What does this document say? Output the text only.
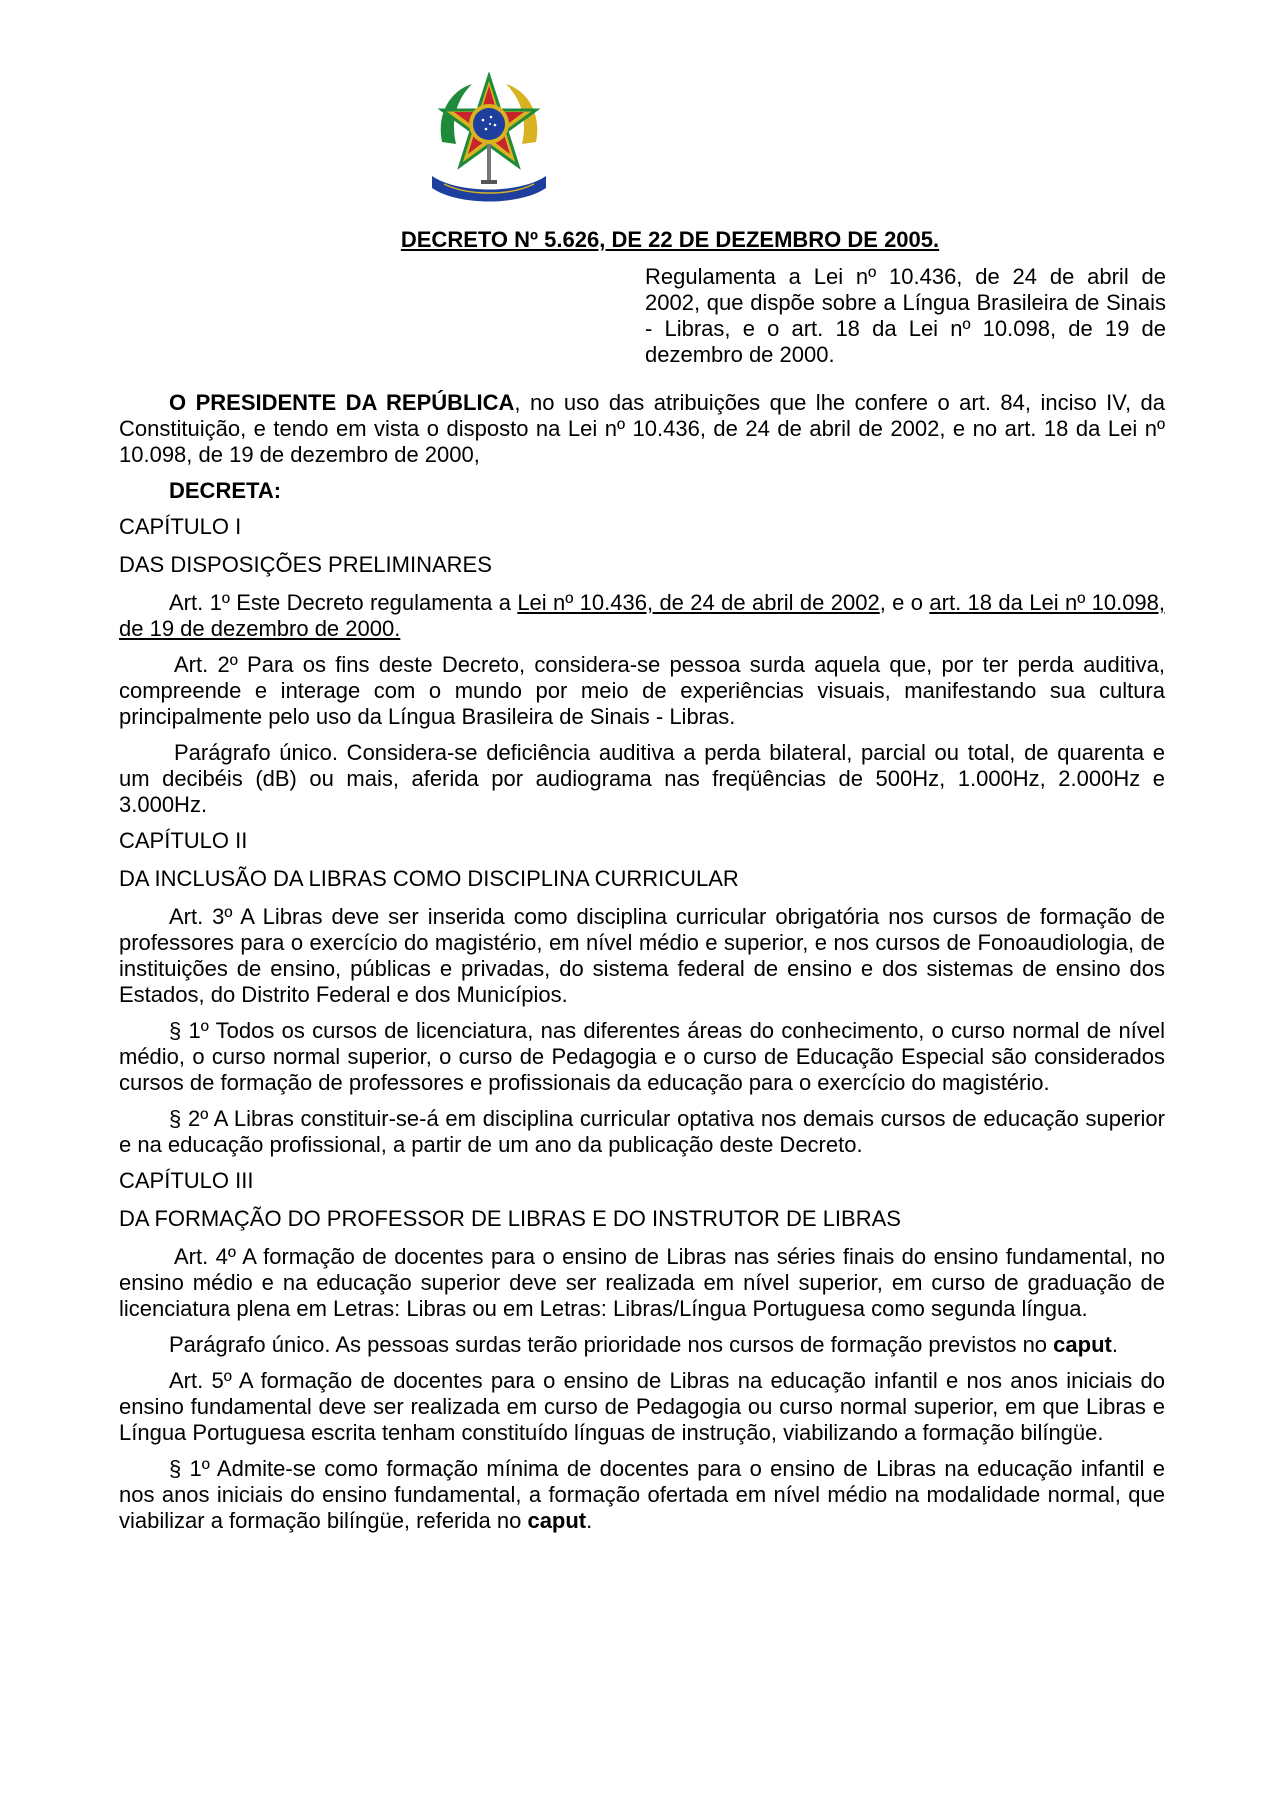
DECRETO Nº 5.626, DE 22 DE DEZEMBRO DE 2005.
Regulamenta a Lei nº 10.436, de 24 de abril de 2002, que dispõe sobre a Língua Brasileira de Sinais - Libras, e o art. 18 da Lei nº 10.098, de 19 de dezembro de 2000.

O PRESIDENTE DA REPÚBLICA, no uso das atribuições que lhe confere o art. 84, inciso IV, da Constituição, e tendo em vista o disposto na Lei nº 10.436, de 24 de abril de 2002, e no art. 18 da Lei nº 10.098, de 19 de dezembro de 2000,

DECRETA:

CAPÍTULO I

DAS DISPOSIÇÕES PRELIMINARES

Art. 1º Este Decreto regulamenta a Lei nº 10.436, de 24 de abril de 2002, e o art. 18 da Lei nº 10.098, de 19 de dezembro de 2000.

Art. 2º Para os fins deste Decreto, considera-se pessoa surda aquela que, por ter perda auditiva, compreende e interage com o mundo por meio de experiências visuais, manifestando sua cultura principalmente pelo uso da Língua Brasileira de Sinais - Libras.

Parágrafo único. Considera-se deficiência auditiva a perda bilateral, parcial ou total, de quarenta e um decibéis (dB) ou mais, aferida por audiograma nas freqüências de 500Hz, 1.000Hz, 2.000Hz e 3.000Hz.

CAPÍTULO II

DA INCLUSÃO DA LIBRAS COMO DISCIPLINA CURRICULAR

Art. 3º A Libras deve ser inserida como disciplina curricular obrigatória nos cursos de formação de professores para o exercício do magistério, em nível médio e superior, e nos cursos de Fonoaudiologia, de instituições de ensino, públicas e privadas, do sistema federal de ensino e dos sistemas de ensino dos Estados, do Distrito Federal e dos Municípios.

§ 1º Todos os cursos de licenciatura, nas diferentes áreas do conhecimento, o curso normal de nível médio, o curso normal superior, o curso de Pedagogia e o curso de Educação Especial são considerados cursos de formação de professores e profissionais da educação para o exercício do magistério.

§ 2º A Libras constituir-se-á em disciplina curricular optativa nos demais cursos de educação superior e na educação profissional, a partir de um ano da publicação deste Decreto.

CAPÍTULO III

DA FORMAÇÃO DO PROFESSOR DE LIBRAS E DO INSTRUTOR DE LIBRAS

Art. 4º A formação de docentes para o ensino de Libras nas séries finais do ensino fundamental, no ensino médio e na educação superior deve ser realizada em nível superior, em curso de graduação de licenciatura plena em Letras: Libras ou em Letras: Libras/Língua Portuguesa como segunda língua.

Parágrafo único. As pessoas surdas terão prioridade nos cursos de formação previstos no caput.

Art. 5º A formação de docentes para o ensino de Libras na educação infantil e nos anos iniciais do ensino fundamental deve ser realizada em curso de Pedagogia ou curso normal superior, em que Libras e Língua Portuguesa escrita tenham constituído línguas de instrução, viabilizando a formação bilíngüe.

§ 1º Admite-se como formação mínima de docentes para o ensino de Libras na educação infantil e nos anos iniciais do ensino fundamental, a formação ofertada em nível médio na modalidade normal, que viabilizar a formação bilíngüe, referida no caput.
